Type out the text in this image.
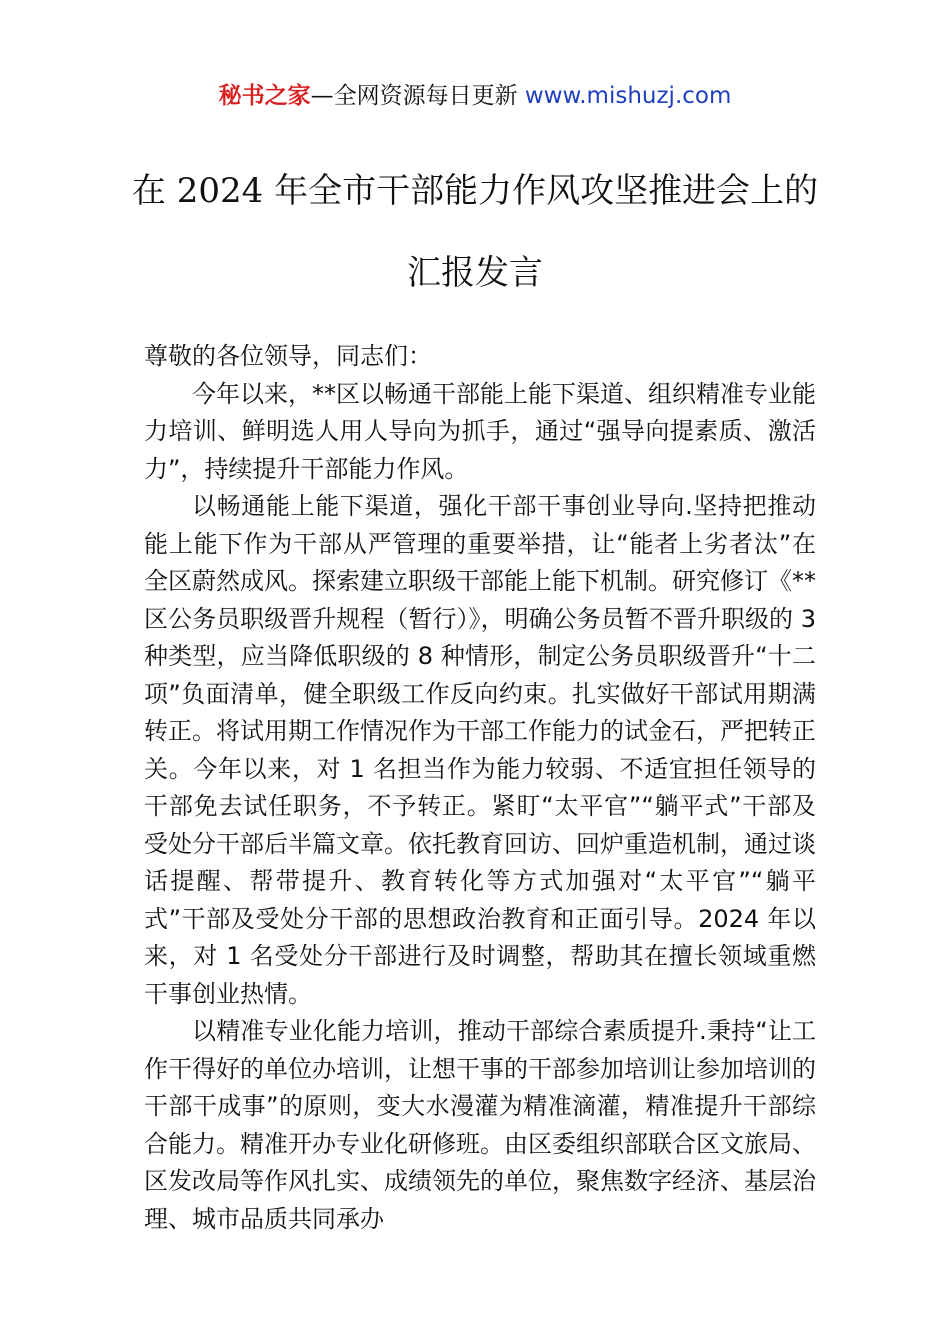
秘书之家—全网资源每日更新 www.mishuzj.com
在 2024 年全市干部能力作风攻坚推进会上的汇报发言

尊敬的各位领导，同志们：

今年以来，**区以畅通干部能上能下渠道、组织精准专业能力培训、鲜明选人用人导向为抓手，通过“强导向提素质、激活力”，持续提升干部能力作风。

以畅通能上能下渠道，强化干部干事创业导向.坚持把推动能上能下作为干部从严管理的重要举措，让“能者上劣者汰”在全区蔚然成风。探索建立职级干部能上能下机制。研究修订《**区公务员职级晋升规程（暂行）》，明确公务员暂不晋升职级的 3 种类型，应当降低职级的 8 种情形，制定公务员职级晋升“十二项”负面清单，健全职级工作反向约束。扎实做好干部试用期满转正。将试用期工作情况作为干部工作能力的试金石，严把转正关。今年以来，对 1 名担当作为能力较弱、不适宜担任领导的干部免去试任职务，不予转正。紧盯“太平官”“躺平式”干部及受处分干部后半篇文章。依托教育回访、回炉重造机制，通过谈话提醒、帮带提升、教育转化等方式加强对“太平官”“躺平式”干部及受处分干部的思想政治教育和正面引导。2024 年以来，对 1 名受处分干部进行及时调整，帮助其在擅长领域重燃干事创业热情。

以精准专业化能力培训，推动干部综合素质提升.秉持“让工作干得好的单位办培训，让想干事的干部参加培训让参加培训的干部干成事”的原则，变大水漫灌为精准滴灌，精准提升干部综合能力。精准开办专业化研修班。由区委组织部联合区文旅局、区发改局等作风扎实、成绩领先的单位，聚焦数字经济、基层治理、城市品质共同承办
